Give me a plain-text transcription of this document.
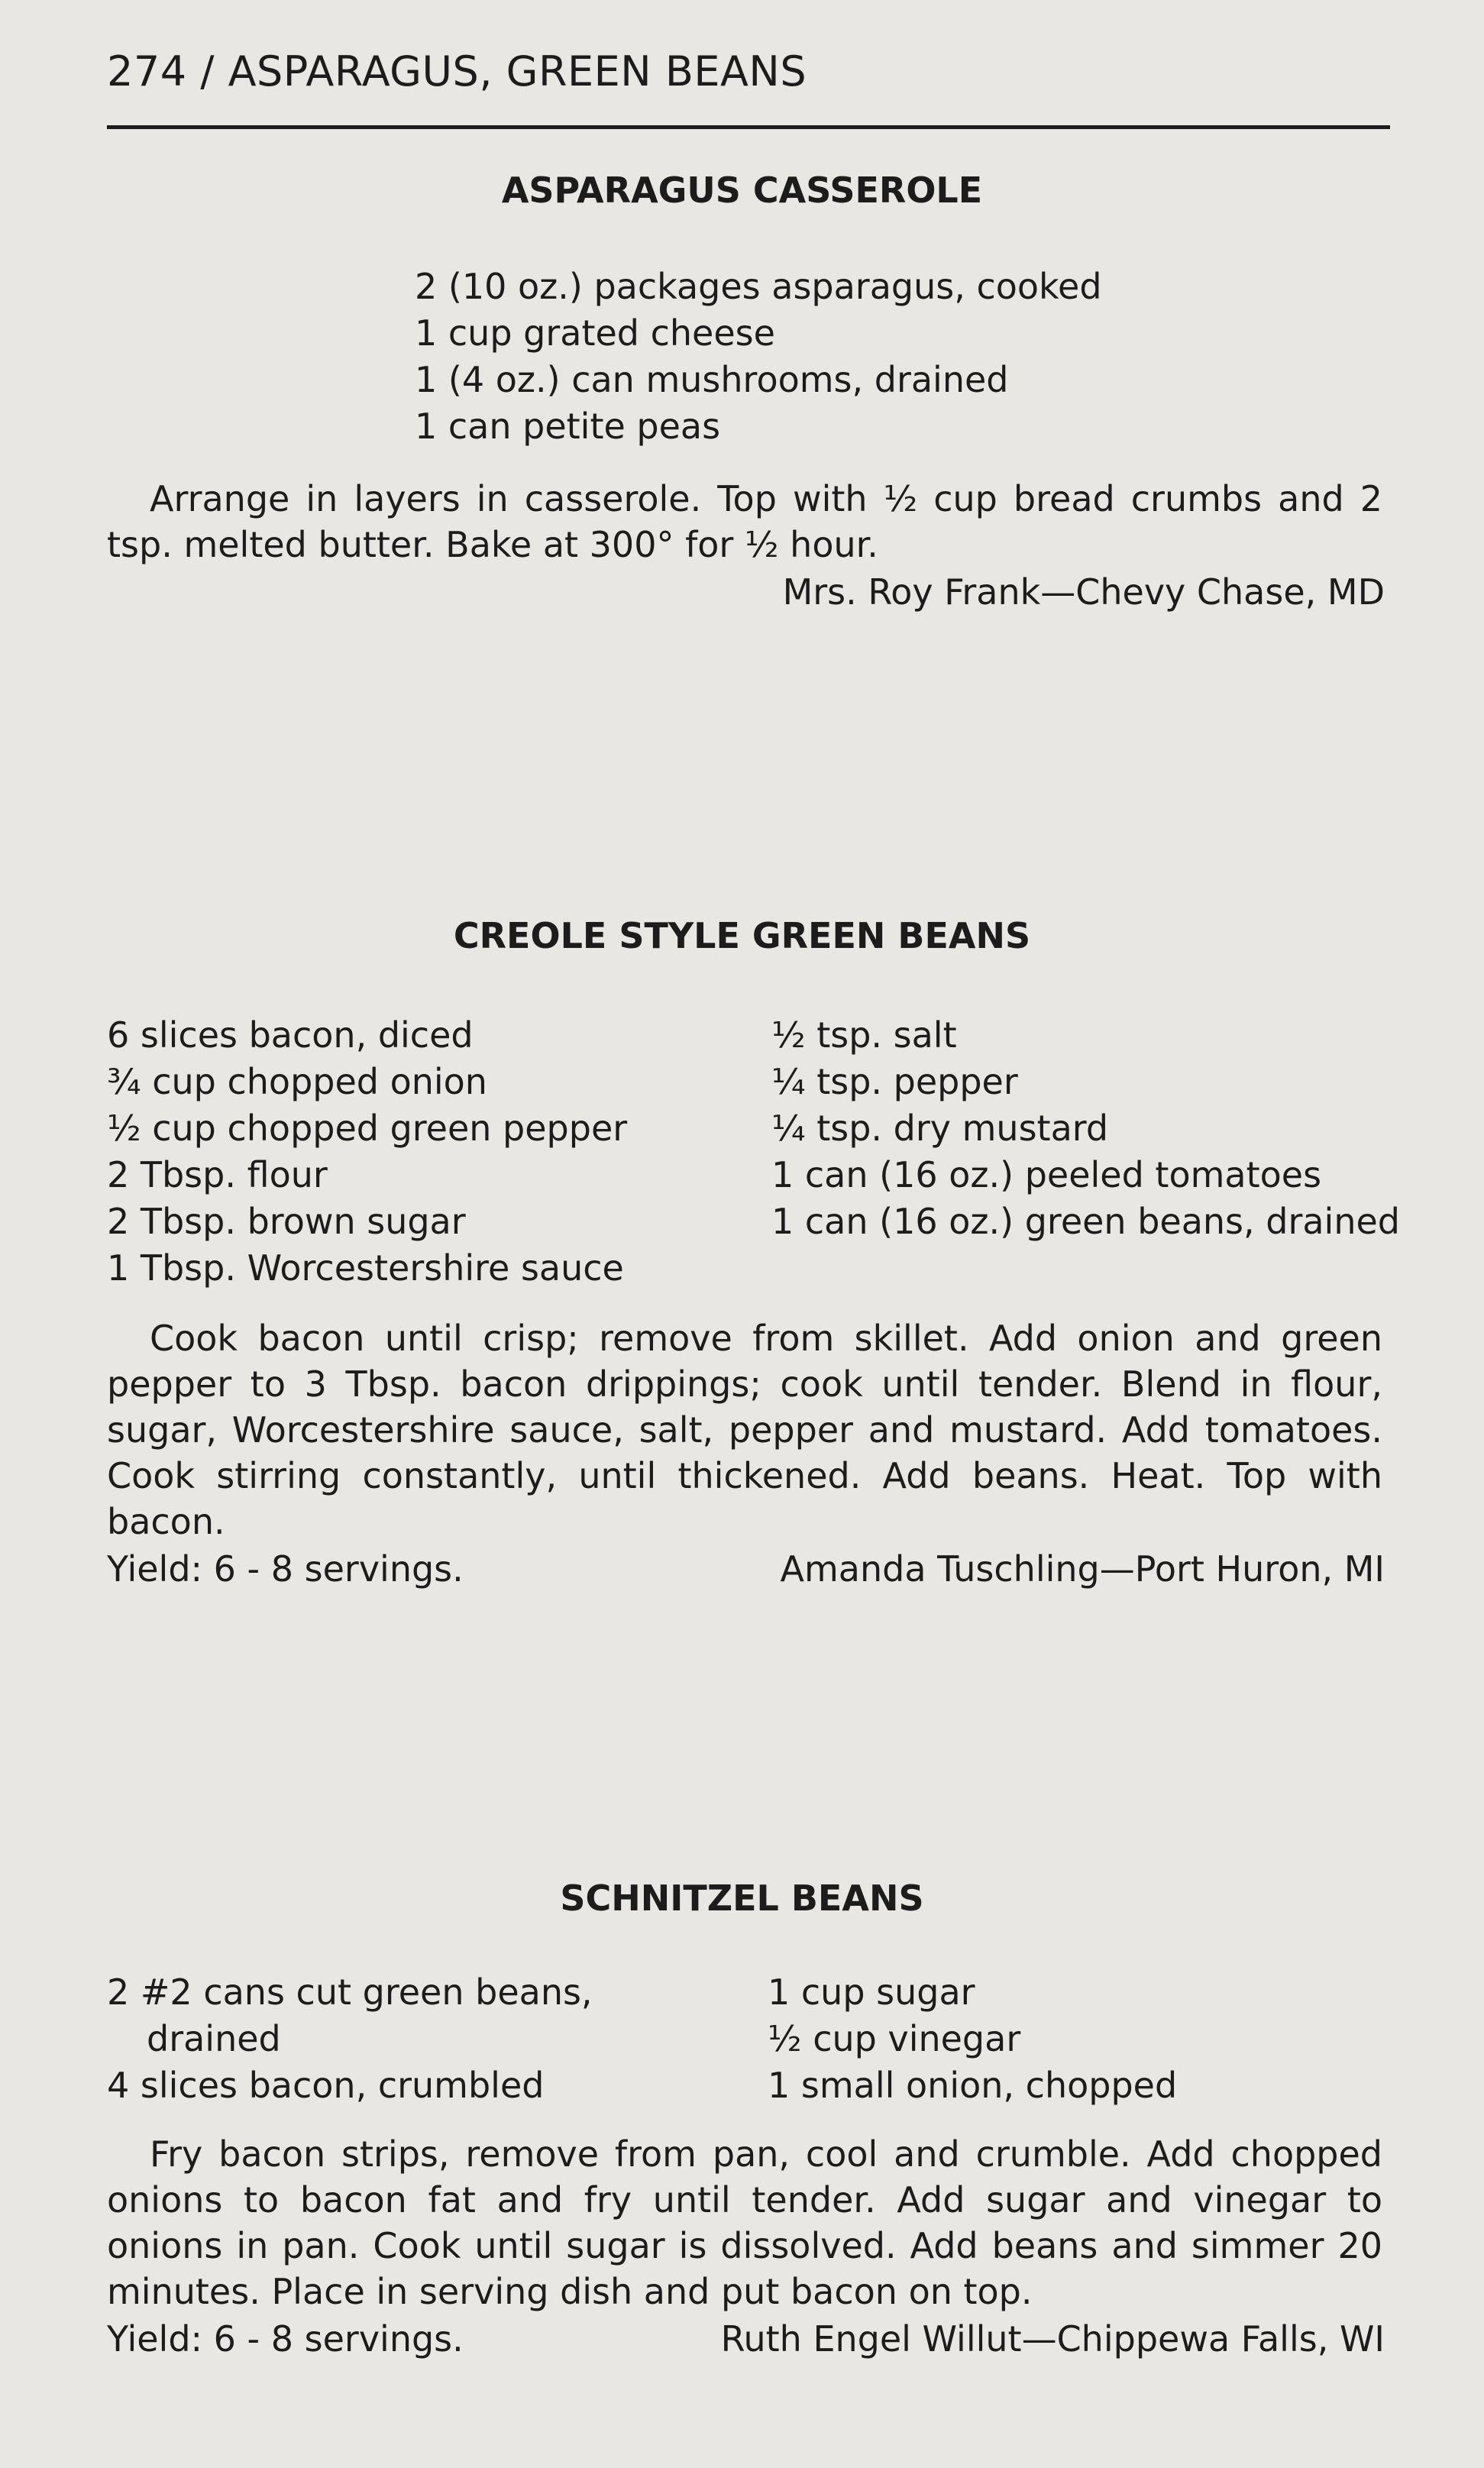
274 / ASPARAGUS, GREEN BEANS
ASPARAGUS CASSEROLE
2 (10 oz.) packages asparagus, cooked
1 cup grated cheese
1 (4 oz.) can mushrooms, drained
1 can petite peas
Arrange in layers in casserole. Top with ½ cup bread crumbs and 2 tsp. melted butter. Bake at 300° for ½ hour.
Mrs. Roy Frank—Chevy Chase, MD
CREOLE STYLE GREEN BEANS
6 slices bacon, diced
¾ cup chopped onion
½ cup chopped green pepper
2 Tbsp. flour
2 Tbsp. brown sugar
1 Tbsp. Worcestershire sauce
½ tsp. salt
¼ tsp. pepper
¼ tsp. dry mustard
1 can (16 oz.) peeled tomatoes
1 can (16 oz.) green beans, drained
Cook bacon until crisp; remove from skillet. Add onion and green pepper to 3 Tbsp. bacon drippings; cook until tender. Blend in flour, sugar, Worcestershire sauce, salt, pepper and mustard. Add tomatoes. Cook stirring constantly, until thickened. Add beans. Heat. Top with bacon.
Yield: 6 - 8 servings.	Amanda Tuschling—Port Huron, MI
SCHNITZEL BEANS
2 #2 cans cut green beans,
drained
4 slices bacon, crumbled
1 cup sugar
½ cup vinegar
1 small onion, chopped
Fry bacon strips, remove from pan, cool and crumble. Add chopped onions to bacon fat and fry until tender. Add sugar and vinegar to onions in pan. Cook until sugar is dissolved. Add beans and simmer 20 minutes. Place in serving dish and put bacon on top.
Yield: 6 - 8 servings.	Ruth Engel Willut—Chippewa Falls, WI
